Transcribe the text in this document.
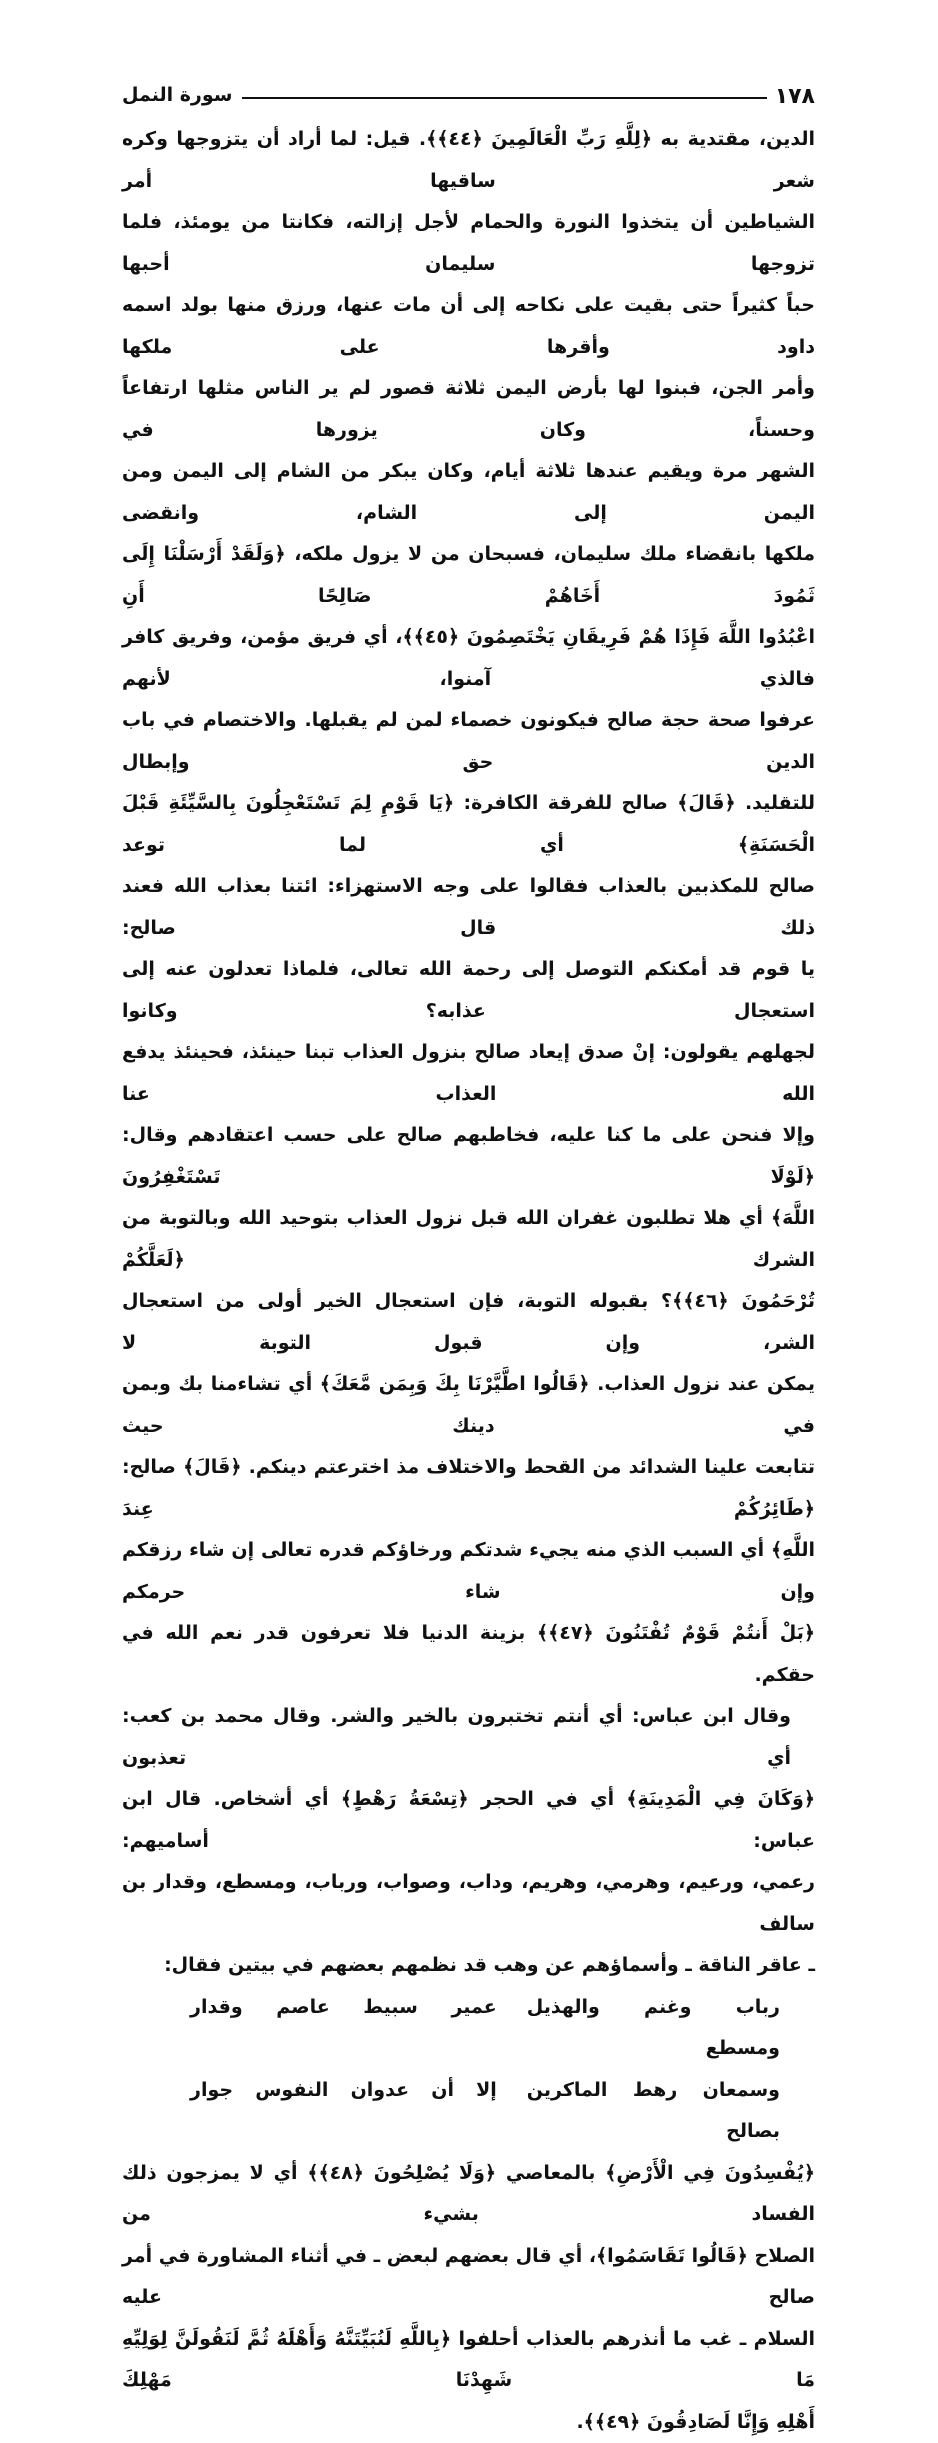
١٧٨
سورة النمل
الدين، مقتدية به ﴿لِلَّهِ رَبِّ الْعَالَمِينَ ﴿٤٤﴾﴾. قيل: لما أراد أن يتزوجها وكره شعر ساقيها أمر
الشياطين أن يتخذوا النورة والحمام لأجل إزالته، فكانتا من يومئذ، فلما تزوجها سليمان أحبها
حباً كثيراً حتى بقيت على نكاحه إلى أن مات عنها، ورزق منها بولد اسمه داود وأقرها على ملكها
وأمر الجن، فبنوا لها بأرض اليمن ثلاثة قصور لم ير الناس مثلها ارتفاعاً وحسناً، وكان يزورها في
الشهر مرة ويقيم عندها ثلاثة أيام، وكان يبكر من الشام إلى اليمن ومن اليمن إلى الشام، وانقضى
ملكها بانقضاء ملك سليمان، فسبحان من لا يزول ملكه، ﴿وَلَقَدْ أَرْسَلْنَا إِلَى ثَمُودَ أَخَاهُمْ صَالِحًا أَنِ
اعْبُدُوا اللَّهَ فَإِذَا هُمْ فَرِيقَانِ يَخْتَصِمُونَ ﴿٤٥﴾﴾، أي فريق مؤمن، وفريق كافر فالذي آمنوا، لأنهم
عرفوا صحة حجة صالح فيكونون خصماء لمن لم يقبلها. والاختصام في باب الدين حق وإبطال
للتقليد. ﴿قَالَ﴾ صالح للفرقة الكافرة: ﴿يَا قَوْمِ لِمَ تَسْتَعْجِلُونَ بِالسَّيِّئَةِ قَبْلَ الْحَسَنَةِ﴾ أي لما توعد
صالح للمكذبين بالعذاب فقالوا على وجه الاستهزاء: ائتنا بعذاب الله فعند ذلك قال صالح:
يا قوم قد أمكنكم التوصل إلى رحمة الله تعالى، فلماذا تعدلون عنه إلى استعجال عذابه؟ وكانوا
لجهلهم يقولون: إنْ صدق إيعاد صالح بنزول العذاب تبنا حينئذ، فحينئذ يدفع الله العذاب عنا
وإلا فنحن على ما كنا عليه، فخاطبهم صالح على حسب اعتقادهم وقال: ﴿لَوْلَا تَسْتَغْفِرُونَ
اللَّهَ﴾ أي هلا تطلبون غفران الله قبل نزول العذاب بتوحيد الله وبالتوبة من الشرك ﴿لَعَلَّكُمْ
تُرْحَمُونَ ﴿٤٦﴾﴾؟ بقبوله التوبة، فإن استعجال الخير أولى من استعجال الشر، وإن قبول التوبة لا
يمكن عند نزول العذاب. ﴿قَالُوا اطَّيَّرْنَا بِكَ وَبِمَن مَّعَكَ﴾ أي تشاءمنا بك وبمن في دينك حيث
تتابعت علينا الشدائد من القحط والاختلاف مذ اخترعتم دينكم. ﴿قَالَ﴾ صالح: ﴿طَائِرُكُمْ عِندَ
اللَّهِ﴾ أي السبب الذي منه يجيء شدتكم ورخاؤكم قدره تعالى إن شاء رزقكم وإن شاء حرمكم
﴿بَلْ أَنتُمْ قَوْمٌ تُفْتَنُونَ ﴿٤٧﴾﴾ بزينة الدنيا فلا تعرفون قدر نعم الله في حقكم.
وقال ابن عباس: أي أنتم تختبرون بالخير والشر. وقال محمد بن كعب: أي تعذبون
﴿وَكَانَ فِي الْمَدِينَةِ﴾ أي في الحجر ﴿تِسْعَةُ رَهْطٍ﴾ أي أشخاص. قال ابن عباس: أساميهم:
رعمي، ورعيم، وهرمي، وهريم، وداب، وصواب، ورباب، ومسطع، وقدار بن سالف
ـ عاقر الناقة ـ وأسماؤهم عن وهب قد نظمهم بعضهم في بيتين فقال:
رباب وغنم والهذيل ومسطع
عمير سبيط عاصم وقدار
وسمعان رهط الماكرين بصالح
إلا أن عدوان النفوس جوار
﴿يُفْسِدُونَ فِي الْأَرْضِ﴾ بالمعاصي ﴿وَلَا يُصْلِحُونَ ﴿٤٨﴾﴾ أي لا يمزجون ذلك الفساد بشيء من
الصلاح ﴿قَالُوا تَقَاسَمُوا﴾، أي قال بعضهم لبعض ـ في أثناء المشاورة في أمر صالح عليه
السلام ـ غب ما أنذرهم بالعذاب أحلفوا ﴿بِاللَّهِ لَنُبَيِّتَنَّهُ وَأَهْلَهُ ثُمَّ لَنَقُولَنَّ لِوَلِيِّهِ مَا شَهِدْنَا مَهْلِكَ
أَهْلِهِ وَإِنَّا لَصَادِقُونَ ﴿٤٩﴾﴾.
